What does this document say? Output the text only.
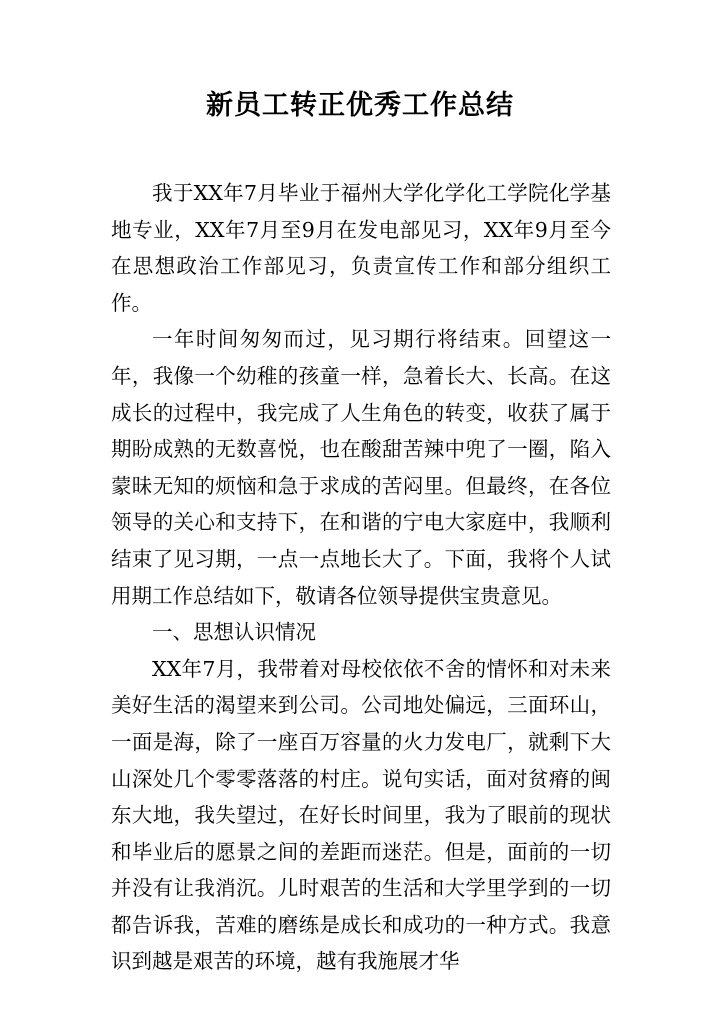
新员工转正优秀工作总结

我于XX年7月毕业于福州大学化学化工学院化学基地专业，XX年7月至9月在发电部见习，XX年9月至今在思想政治工作部见习，负责宣传工作和部分组织工作。

一年时间匆匆而过，见习期行将结束。回望这一年，我像一个幼稚的孩童一样，急着长大、长高。在这成长的过程中，我完成了人生角色的转变，收获了属于期盼成熟的无数喜悦，也在酸甜苦辣中兜了一圈，陷入蒙昧无知的烦恼和急于求成的苦闷里。但最终，在各位领导的关心和支持下，在和谐的宁电大家庭中，我顺利结束了见习期，一点一点地长大了。下面，我将个人试用期工作总结如下，敬请各位领导提供宝贵意见。

一、思想认识情况

XX年7月，我带着对母校依依不舍的情怀和对未来美好生活的渴望来到公司。公司地处偏远，三面环山，一面是海，除了一座百万容量的火力发电厂，就剩下大山深处几个零零落落的村庄。说句实话，面对贫瘠的闽东大地，我失望过，在好长时间里，我为了眼前的现状和毕业后的愿景之间的差距而迷茫。但是，面前的一切并没有让我消沉。儿时艰苦的生活和大学里学到的一切都告诉我，苦难的磨练是成长和成功的一种方式。我意识到越是艰苦的环境，越有我施展才华
